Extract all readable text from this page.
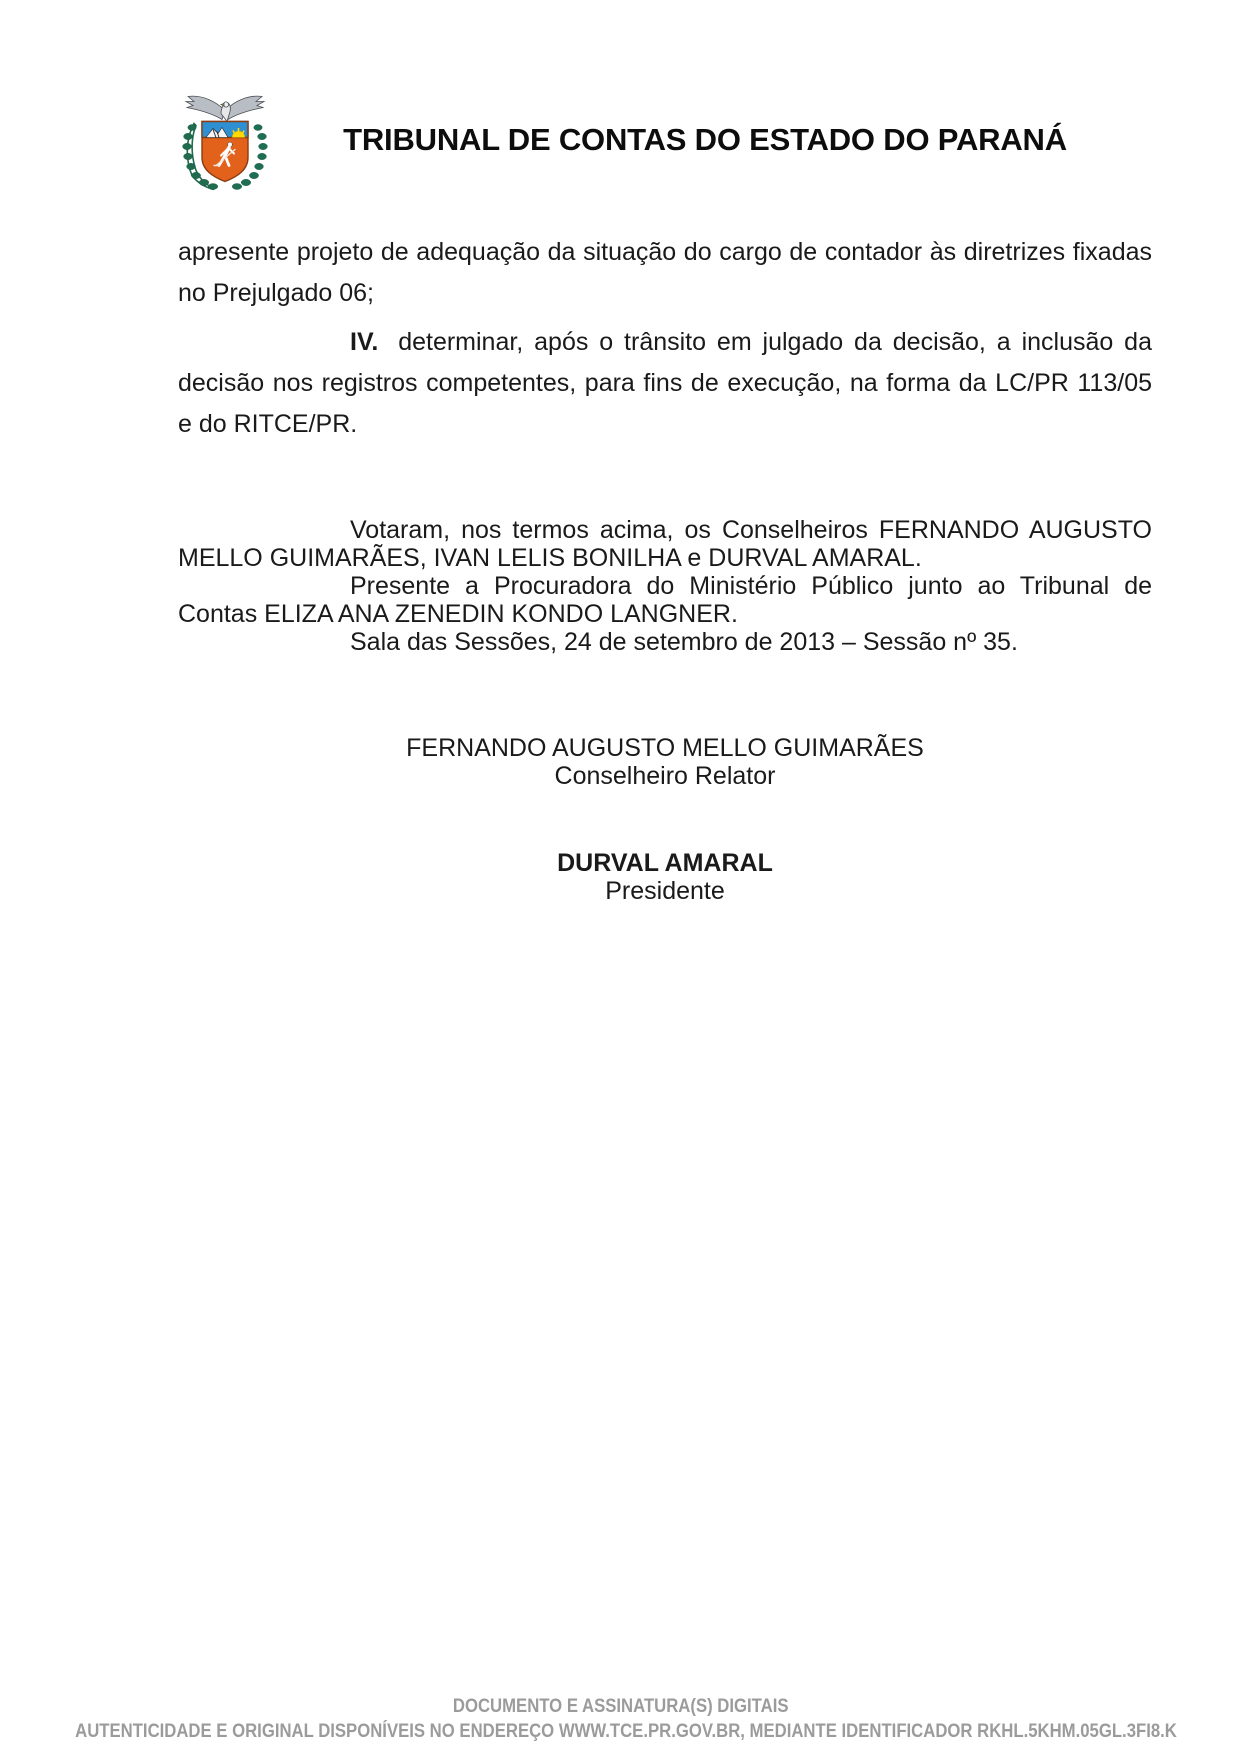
TRIBUNAL DE CONTAS DO ESTADO DO PARANÁ
apresente projeto de adequação da situação do cargo de contador às diretrizes fixadas
no Prejulgado 06;
IV. determinar, após o trânsito em julgado da decisão, a inclusão da
decisão nos registros competentes, para fins de execução, na forma da LC/PR 113/05
e do RITCE/PR.
Votaram, nos termos acima, os Conselheiros FERNANDO AUGUSTO
MELLO GUIMARÃES, IVAN LELIS BONILHA e DURVAL AMARAL.
Presente a Procuradora do Ministério Público junto ao Tribunal de
Contas ELIZA ANA ZENEDIN KONDO LANGNER.
Sala das Sessões, 24 de setembro de 2013 – Sessão nº 35.
FERNANDO AUGUSTO MELLO GUIMARÃES
Conselheiro Relator
DURVAL AMARAL
Presidente
DOCUMENTO E ASSINATURA(S) DIGITAIS
AUTENTICIDADE E ORIGINAL DISPONÍVEIS NO ENDEREÇO WWW.TCE.PR.GOV.BR, MEDIANTE IDENTIFICADOR RKHL.5KHM.05GL.3FI8.K
